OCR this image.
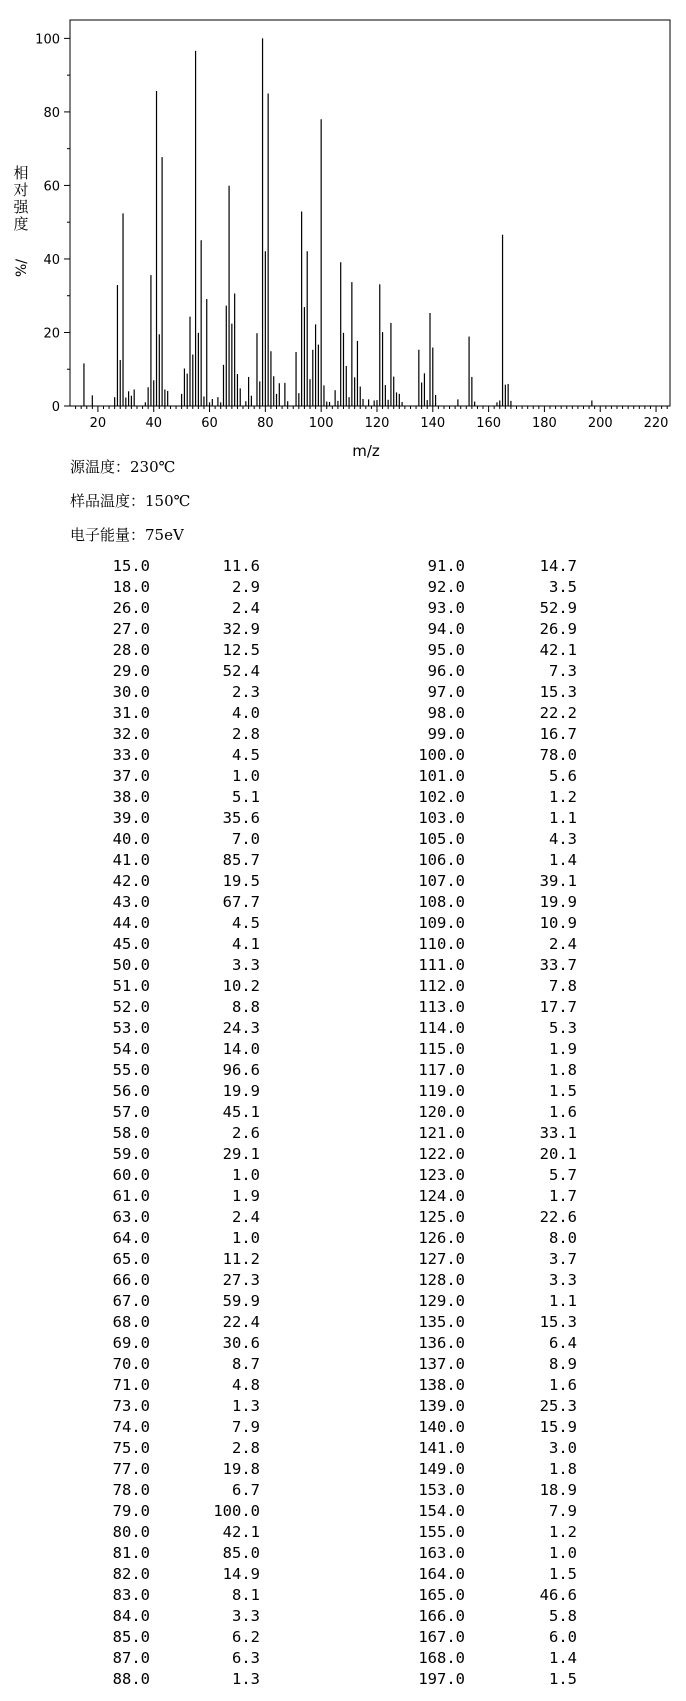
20	40	60	80	100 120 140 160 180 200 220
0
20
40
60
80
100
m/z
相对强度
%/
源温度：230℃
样品温度：150℃
电子能量：75eV
15.0	11.6
18.0	2.9
26.0	2.4
27.0	32.9
28.0	12.5
29.0	52.4
30.0	2.3
31.0	4.0
32.0	2.8
33.0	4.5
37.0	1.0
38.0	5.1
39.0	35.6
40.0	7.0
41.0	85.7
42.0	19.5
43.0	67.7
44.0	4.5
45.0	4.1
50.0	3.3
51.0	10.2
52.0	8.8
53.0	24.3
54.0	14.0
55.0	96.6
56.0	19.9
57.0	45.1
58.0	2.6
59.0	29.1
60.0	1.0
61.0	1.9
63.0	2.4
64.0	1.0
65.0	11.2
66.0	27.3
67.0	59.9
68.0	22.4
69.0	30.6
70.0	8.7
71.0	4.8
73.0	1.3
74.0	7.9
75.0	2.8
77.0	19.8
78.0	6.7
79.0	100.0
80.0	42.1
81.0	85.0
82.0	14.9
83.0	8.1
84.0	3.3
85.0	6.2
87.0	6.3
88.0	1.3
91.0	14.7
92.0	3.5
93.0	52.9
94.0	26.9
95.0	42.1
96.0	7.3
97.0	15.3
98.0	22.2
99.0	16.7
100.0	78.0
101.0	5.6
102.0	1.2
103.0	1.1
105.0	4.3
106.0	1.4
107.0	39.1
108.0	19.9
109.0	10.9
110.0	2.4
111.0	33.7
112.0	7.8
113.0	17.7
114.0	5.3
115.0	1.9
117.0	1.8
119.0	1.5
120.0	1.6
121.0	33.1
122.0	20.1
123.0	5.7
124.0	1.7
125.0	22.6
126.0	8.0
127.0	3.7
128.0	3.3
129.0	1.1
135.0	15.3
136.0	6.4
137.0	8.9
138.0	1.6
139.0	25.3
140.0	15.9
141.0	3.0
149.0	1.8
153.0	18.9
154.0	7.9
155.0	1.2
163.0	1.0
164.0	1.5
165.0	46.6
166.0	5.8
167.0	6.0
168.0	1.4
197.0	1.5
